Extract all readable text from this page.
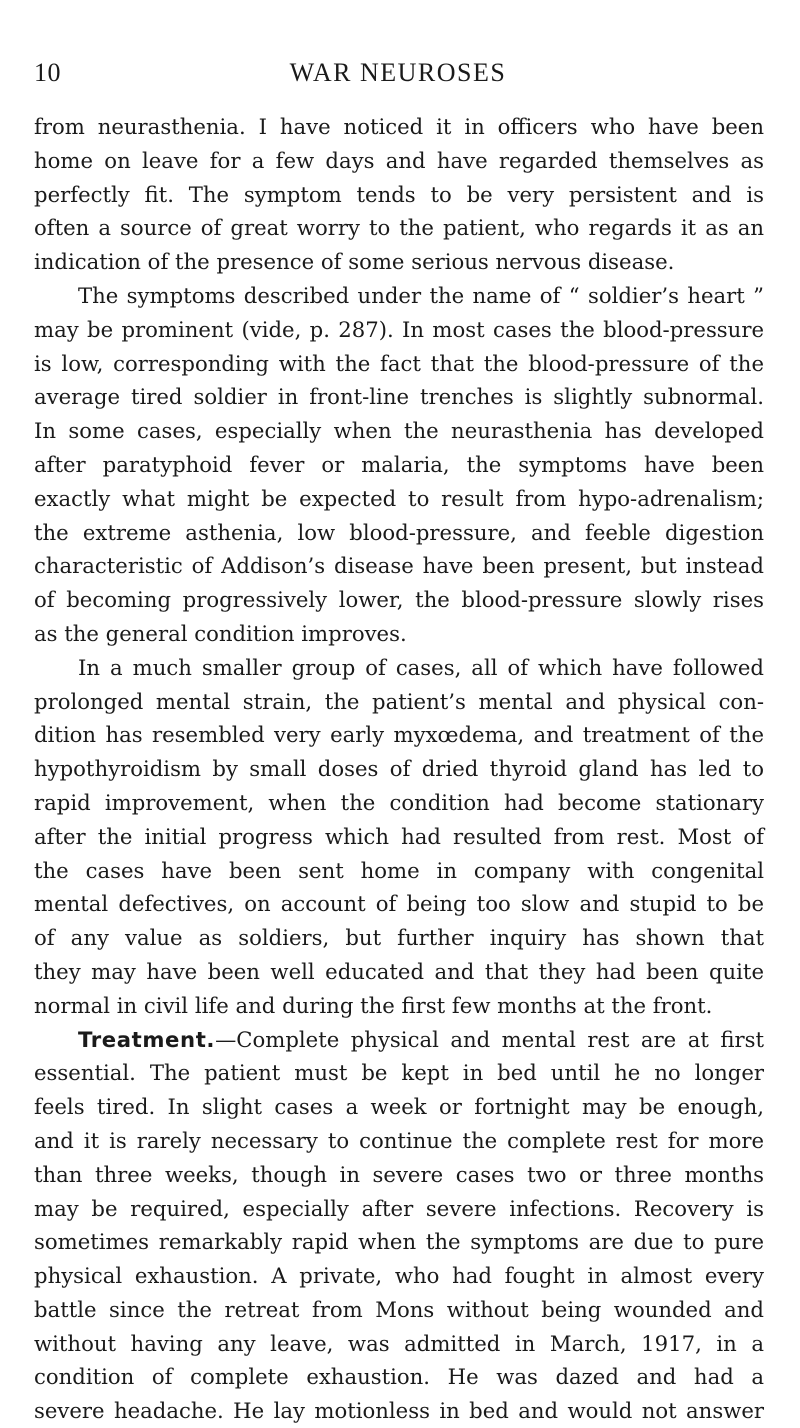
10	WAR NEUROSES
from neurasthenia. I have noticed it in officers who have been
home on leave for a few days and have regarded themselves as
perfectly fit. The symptom tends to be very persistent and is
often a source of great worry to the patient, who regards it as an
indication of the presence of some serious nervous disease.
The symptoms described under the name of “ soldier’s heart ”
may be prominent (vide, p. 287). In most cases the blood-pressure
is low, corresponding with the fact that the blood-pressure of the
average tired soldier in front-line trenches is slightly subnormal.
In some cases, especially when the neurasthenia has developed
after paratyphoid fever or malaria, the symptoms have been
exactly what might be expected to result from hypo-adrenalism;
the extreme asthenia, low blood-pressure, and feeble digestion
characteristic of Addison’s disease have been present, but instead
of becoming progressively lower, the blood-pressure slowly rises
as the general condition improves.
In a much smaller group of cases, all of which have followed
prolonged mental strain, the patient’s mental and physical con-
dition has resembled very early myxœdema, and treatment of the
hypothyroidism by small doses of dried thyroid gland has led to
rapid improvement, when the condition had become stationary
after the initial progress which had resulted from rest. Most of
the cases have been sent home in company with congenital
mental defectives, on account of being too slow and stupid to be
of any value as soldiers, but further inquiry has shown that
they may have been well educated and that they had been quite
normal in civil life and during the first few months at the front.
Treatment.—Complete physical and mental rest are at first
essential. The patient must be kept in bed until he no longer
feels tired. In slight cases a week or fortnight may be enough,
and it is rarely necessary to continue the complete rest for more
than three weeks, though in severe cases two or three months
may be required, especially after severe infections. Recovery is
sometimes remarkably rapid when the symptoms are due to pure
physical exhaustion. A private, who had fought in almost every
battle since the retreat from Mons without being wounded and
without having any leave, was admitted in March, 1917, in a
condition of complete exhaustion. He was dazed and had a
severe headache. He lay motionless in bed and would not answer
